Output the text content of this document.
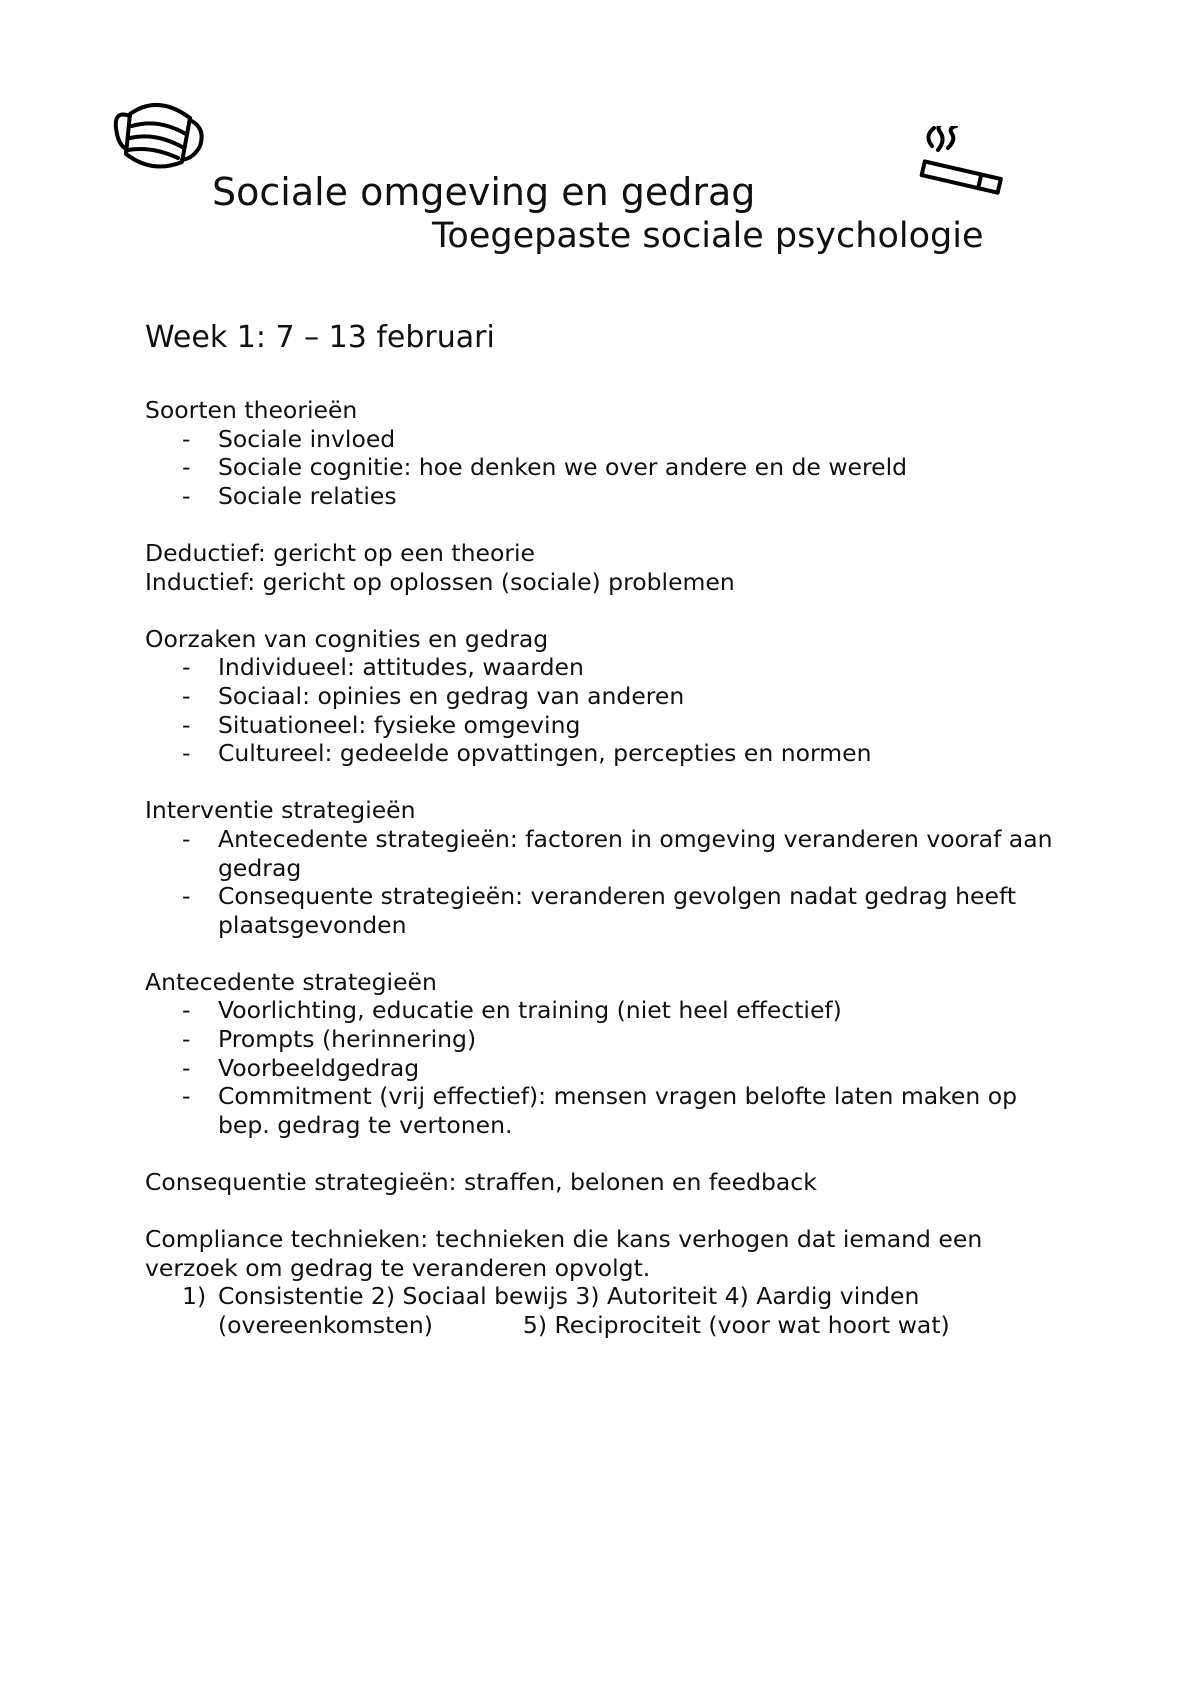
Sociale omgeving en gedrag
Toegepaste sociale psychologie
Week 1: 7 – 13 februari

Soorten theorieën

- Sociale invloed
- Sociale cognitie: hoe denken we over andere en de wereld
- Sociale relaties

Deductief: gericht op een theorie

Inductief: gericht op oplossen (sociale) problemen

Oorzaken van cognities en gedrag

- Individueel: attitudes, waarden
- Sociaal: opinies en gedrag van anderen
- Situationeel: fysieke omgeving
- Cultureel: gedeelde opvattingen, percepties en normen

Interventie strategieën

- Antecedente strategieën: factoren in omgeving veranderen vooraf aan gedrag
- Consequente strategieën: veranderen gevolgen nadat gedrag heeft plaatsgevonden

Antecedente strategieën

- Voorlichting, educatie en training (niet heel effectief)
- Prompts (herinnering)
- Voorbeeldgedrag
- Commitment (vrij effectief): mensen vragen belofte laten maken op bep. gedrag te vertonen.

Consequentie strategieën: straffen, belonen en feedback

Compliance technieken: technieken die kans verhogen dat iemand een verzoek om gedrag te veranderen opvolgt.

1) Consistentie 2) Sociaal bewijs 3) Autoriteit 4) Aardig vinden (overeenkomsten)	5) Reciprociteit (voor wat hoort wat)
